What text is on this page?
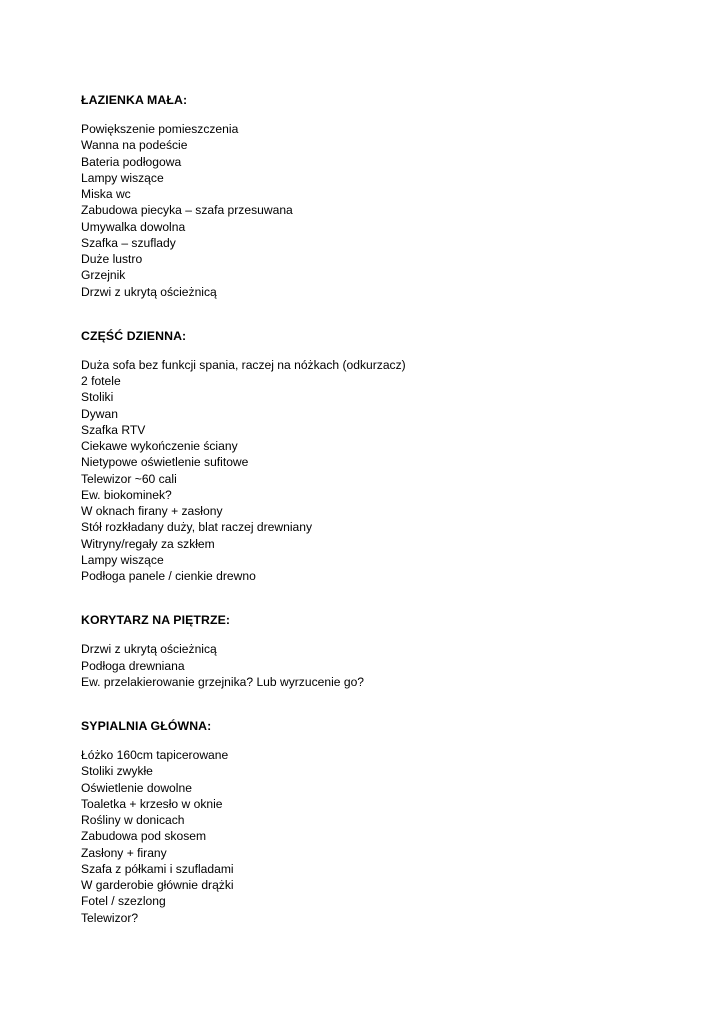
ŁAZIENKA MAŁA:
Powiększenie pomieszczenia
Wanna na podeście
Bateria podłogowa
Lampy wiszące
Miska wc
Zabudowa piecyka – szafa przesuwana
Umywalka dowolna
Szafka – szuflady
Duże lustro
Grzejnik
Drzwi z ukrytą ościeżnicą
CZĘŚĆ DZIENNA:
Duża sofa bez funkcji spania, raczej na nóżkach (odkurzacz)
2 fotele
Stoliki
Dywan
Szafka RTV
Ciekawe wykończenie ściany
Nietypowe oświetlenie sufitowe
Telewizor ~60 cali
Ew. biokominek?
W oknach firany + zasłony
Stół rozkładany duży, blat raczej drewniany
Witryny/regały za szkłem
Lampy wiszące
Podłoga panele / cienkie drewno
KORYTARZ NA PIĘTRZE:
Drzwi z ukrytą ościeżnicą
Podłoga drewniana
Ew. przelakierowanie grzejnika? Lub wyrzucenie go?
SYPIALNIA GŁÓWNA:
Łóżko 160cm tapicerowane
Stoliki zwykłe
Oświetlenie dowolne
Toaletka + krzesło w oknie
Rośliny w donicach
Zabudowa pod skosem
Zasłony + firany
Szafa z półkami i szufladami
W garderobie głównie drążki
Fotel / szezlong
Telewizor?
